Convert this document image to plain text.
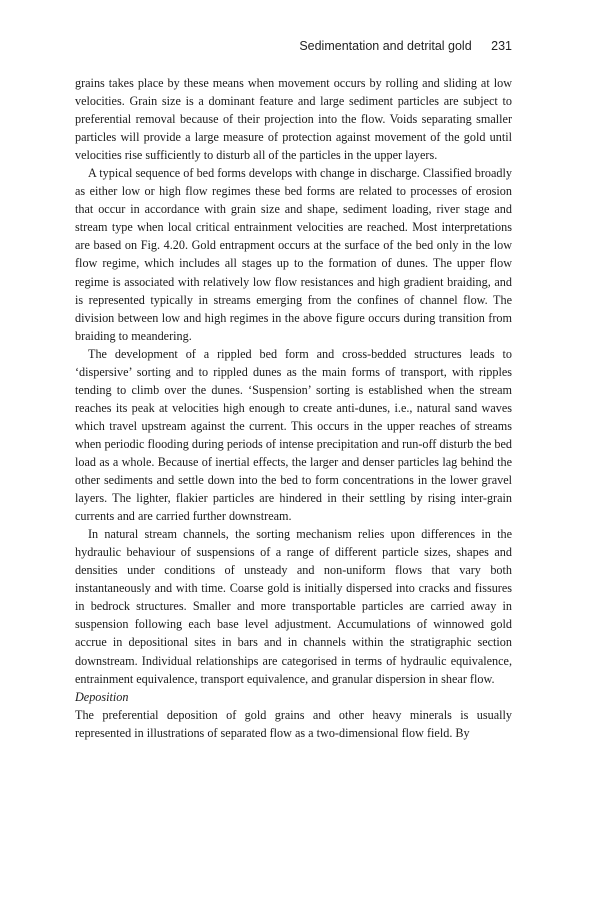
Sedimentation and detrital gold 231

grains takes place by these means when movement occurs by rolling and sliding at low velocities. Grain size is a dominant feature and large sediment particles are subject to preferential removal because of their projection into the flow. Voids separating smaller particles will provide a large measure of protection against movement of the gold until velocities rise sufficiently to disturb all of the particles in the upper layers.

A typical sequence of bed forms develops with change in discharge. Classified broadly as either low or high flow regimes these bed forms are related to processes of erosion that occur in accordance with grain size and shape, sediment loading, river stage and stream type when local critical entrainment velocities are reached. Most interpretations are based on Fig. 4.20. Gold entrapment occurs at the surface of the bed only in the low flow regime, which includes all stages up to the formation of dunes. The upper flow regime is associated with relatively low flow resistances and high gradient braiding, and is represented typically in streams emerging from the confines of channel flow. The division between low and high regimes in the above figure occurs during transition from braiding to meandering.

The development of a rippled bed form and cross-bedded structures leads to ‘dispersive’ sorting and to rippled dunes as the main forms of transport, with ripples tending to climb over the dunes. ‘Suspension’ sorting is established when the stream reaches its peak at velocities high enough to create anti-dunes, i.e., natural sand waves which travel upstream against the current. This occurs in the upper reaches of streams when periodic flooding during periods of intense precipitation and run-off disturb the bed load as a whole. Because of inertial effects, the larger and denser particles lag behind the other sediments and settle down into the bed to form concentrations in the lower gravel layers. The lighter, flakier particles are hindered in their settling by rising inter-grain currents and are carried further downstream.

In natural stream channels, the sorting mechanism relies upon differences in the hydraulic behaviour of suspensions of a range of different particle sizes, shapes and densities under conditions of unsteady and non-uniform flows that vary both instantaneously and with time. Coarse gold is initially dispersed into cracks and fissures in bedrock structures. Smaller and more transportable particles are carried away in suspension following each base level adjustment. Accumulations of winnowed gold accrue in depositional sites in bars and in channels within the stratigraphic section downstream. Individual relationships are categorised in terms of hydraulic equivalence, entrainment equivalence, transport equivalence, and granular dispersion in shear flow.

Deposition

The preferential deposition of gold grains and other heavy minerals is usually represented in illustrations of separated flow as a two-dimensional flow field. By
